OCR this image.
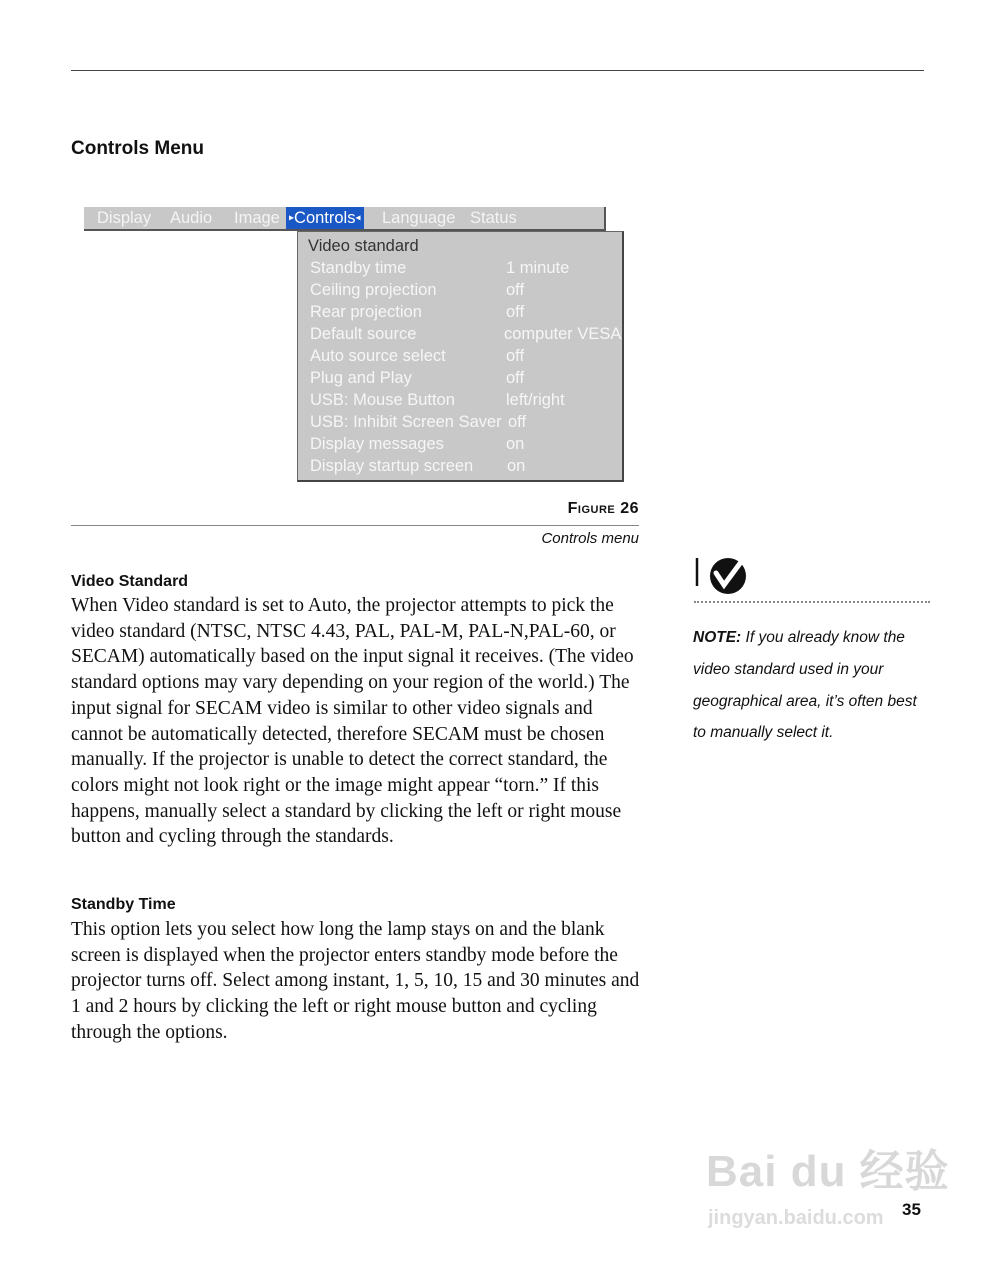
Controls Menu
Display Audio Image ▸Controls◂ Language Status
Video standard
Standby time	1 minute
Ceiling projection	off
Rear projection	off
Default source	computer VESA
Auto source select	off
Plug and Play	off
USB: Mouse Button	left/right
USB: Inhibit Screen Saver off
Display messages	on
Display startup screen on
Figure 26
Controls menu
Video Standard

When Video standard is set to Auto, the projector attempts to pick the video standard (NTSC, NTSC 4.43, PAL, PAL-M, PAL-N,PAL-60, or SECAM) automatically based on the input signal it receives. (The video standard options may vary depending on your region of the world.) The input signal for SECAM video is similar to other video signals and cannot be automatically detected, therefore SECAM must be chosen manually. If the projector is unable to detect the correct standard, the colors might not look right or the image might appear “torn.” If this happens, manually select a standard by clicking the left or right mouse button and cycling through the standards.

Standby Time

This option lets you select how long the lamp stays on and the blank screen is displayed when the projector enters standby mode before the projector turns off. Select among instant, 1, 5, 10, 15 and 30 minutes and 1 and 2 hours by clicking the left or right mouse button and cycling through the options.

NOTE: If you already know the video standard used in your geographical area, it’s often best to manually select it.
Bai du 经验
jingyan.baidu.com 35
